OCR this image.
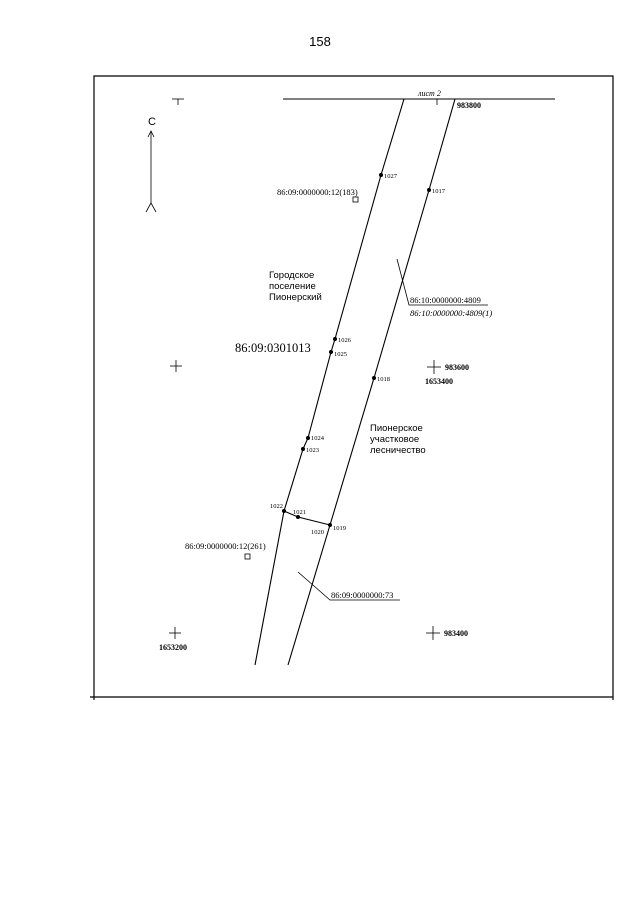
158
лист 2
983800
С
983600
1653400
1653200
983400
1027
1017
1026
1025
1018
1024
1023
1022
1021
1020
1019
86:09:0000000:12(183)
86:09:0301013
86:09:0000000:12(261)
86:10:0000000:4809
86:10:0000000:4809(1)
86:09:0000000:73
Городское
поселение
Пионерский
Пионерское
участковое
лесничество
